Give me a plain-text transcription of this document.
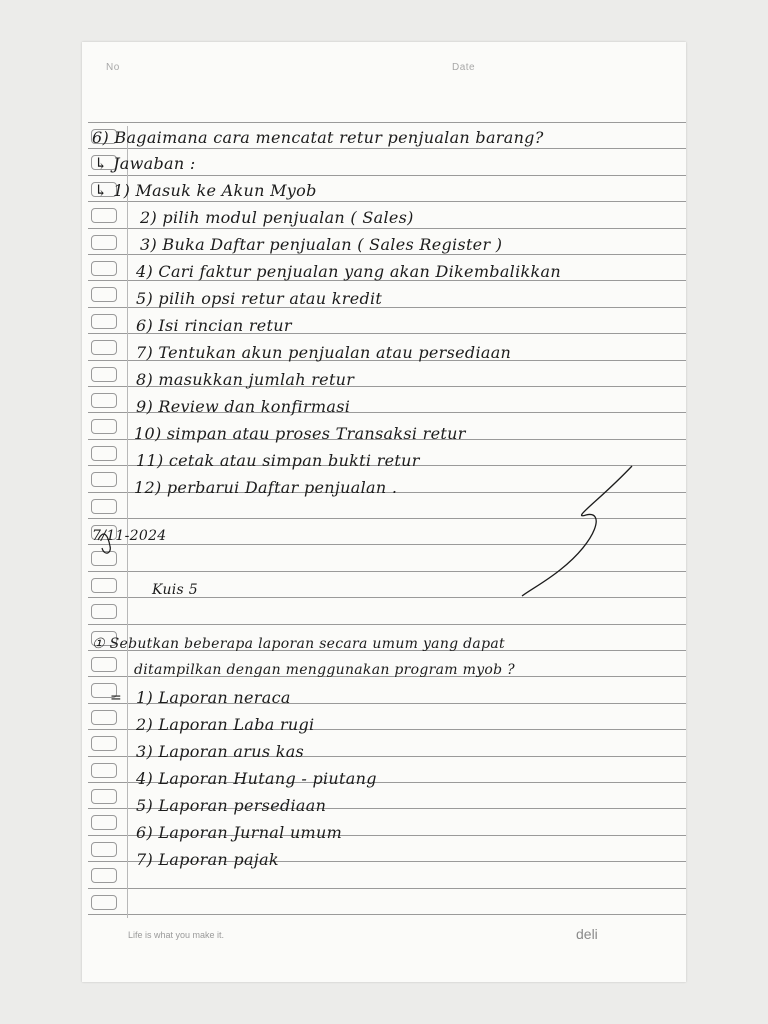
No	Date
6) Bagaimana cara mencatat retur penjualan barang?
↳ Jawaban :
↳ 1) Masuk ke Akun Myob
2) pilih modul penjualan ( Sales)
3) Buka Daftar penjualan ( Sales Register )
4) Cari faktur penjualan yang akan Dikembalikkan
5) pilih opsi retur atau kredit
6) Isi rincian retur
7) Tentukan akun penjualan atau persediaan
8) masukkan jumlah retur
9) Review dan konfirmasi
10) simpan atau proses Transaksi retur
11) cetak atau simpan bukti retur
12) perbarui Daftar penjualan .
7/11-2024
Kuis 5
① Sebutkan beberapa laporan secara umum yang dapat
ditampilkan dengan menggunakan program myob ?
= 1) Laporan neraca
2) Laporan Laba rugi
3) Laporan arus kas
4) Laporan Hutang - piutang
5) Laporan persediaan
6) Laporan Jurnal umum
7) Laporan pajak
Life is what you make it.	deli
